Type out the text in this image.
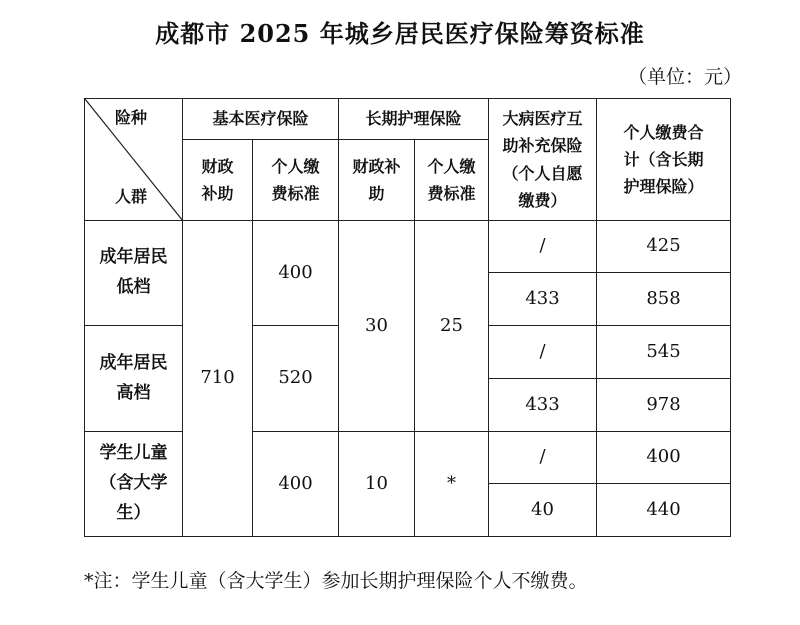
成都市 2025 年城乡居民医疗保险筹资标准
（单位：元）
险种
人群	基本医疗保险		长期护理保险		大病医疗互助补充保险（个人自愿缴费）	个人缴费合计（含长期护理保险）
	财政补助	个人缴费标准	财政补助	个人缴费标准		
成年居民低档	710	400	30	25	/	425
					433	858
成年居民高档		520			/	545
					433	978
学生儿童（含大学生）		400	10	*	/	400
					40	440
*注：学生儿童（含大学生）参加长期护理保险个人不缴费。
